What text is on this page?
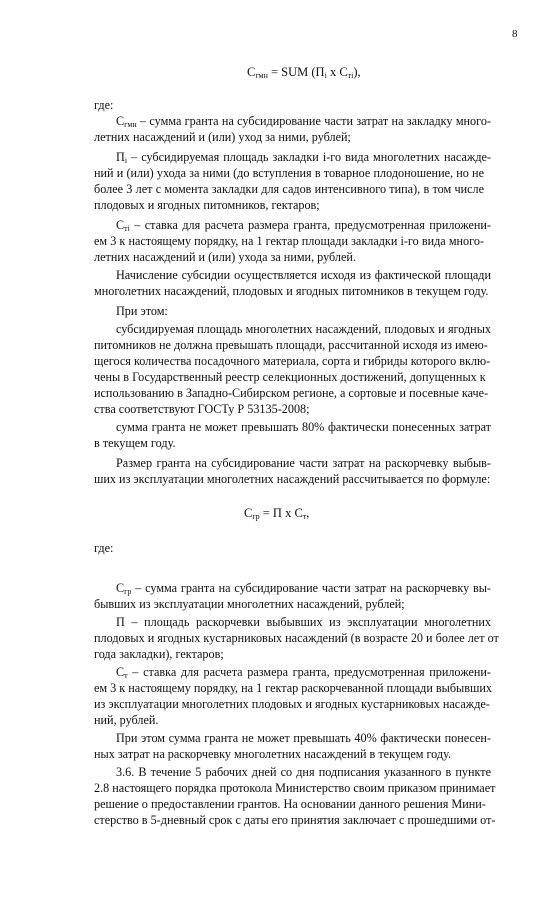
8
$С_{гмн}$ = SUM ($П_i$ x $С_{тi}$),
где:
$С_{гмн}$ – сумма гранта на субсидирование части затрат на закладку много-
летних насаждений и (или) уход за ними, рублей;
$П_i$ – субсидируемая площадь закладки i-го вида многолетних насажде-
ний и (или) ухода за ними (до вступления в товарное плодоношение, но не
более 3 лет с момента закладки для садов интенсивного типа), в том числе
плодовых и ягодных питомников, гектаров;
$С_{тi}$ – ставка для расчета размера гранта, предусмотренная приложени-
ем 3 к настоящему порядку, на 1 гектар площади закладки i-го вида много-
летних насаждений и (или) ухода за ними, рублей.
Начисление субсидии осуществляется исходя из фактической площади
многолетних насаждений, плодовых и ягодных питомников в текущем году.
При этом:
субсидируемая площадь многолетних насаждений, плодовых и ягодных
питомников не должна превышать площади, рассчитанной исходя из имею-
щегося количества посадочного материала, сорта и гибриды которого вклю-
чены в Государственный реестр селекционных достижений, допущенных к
использованию в Западно-Сибирском регионе, а сортовые и посевные каче-
ства соответствуют ГОСТу Р 53135-2008;
сумма гранта не может превышать 80% фактически понесенных затрат
в текущем году.
Размер гранта на субсидирование части затрат на раскорчевку выбыв-
ших из эксплуатации многолетних насаждений рассчитывается по формуле:
$С_{гр} = П$ x $С_т$,
где:
$С_{гр}$ – сумма гранта на субсидирование части затрат на раскорчевку вы-
бывших из эксплуатации многолетних насаждений, рублей;
П – площадь раскорчевки выбывших из эксплуатации многолетних
плодовых и ягодных кустарниковых насаждений (в возрасте 20 и более лет от
года закладки), гектаров;
$С_т$ – ставка для расчета размера гранта, предусмотренная приложени-
ем 3 к настоящему порядку, на 1 гектар раскорчеванной площади выбывших
из эксплуатации многолетних плодовых и ягодных кустарниковых насажде-
ний, рублей.
При этом сумма гранта не может превышать 40% фактически понесен-
ных затрат на раскорчевку многолетних насаждений в текущем году.
3.6. В течение 5 рабочих дней со дня подписания указанного в пункте
2.8 настоящего порядка протокола Министерство своим приказом принимает
решение о предоставлении грантов. На основании данного решения Мини-
стерство в 5-дневный срок с даты его принятия заключает с прошедшими от-
